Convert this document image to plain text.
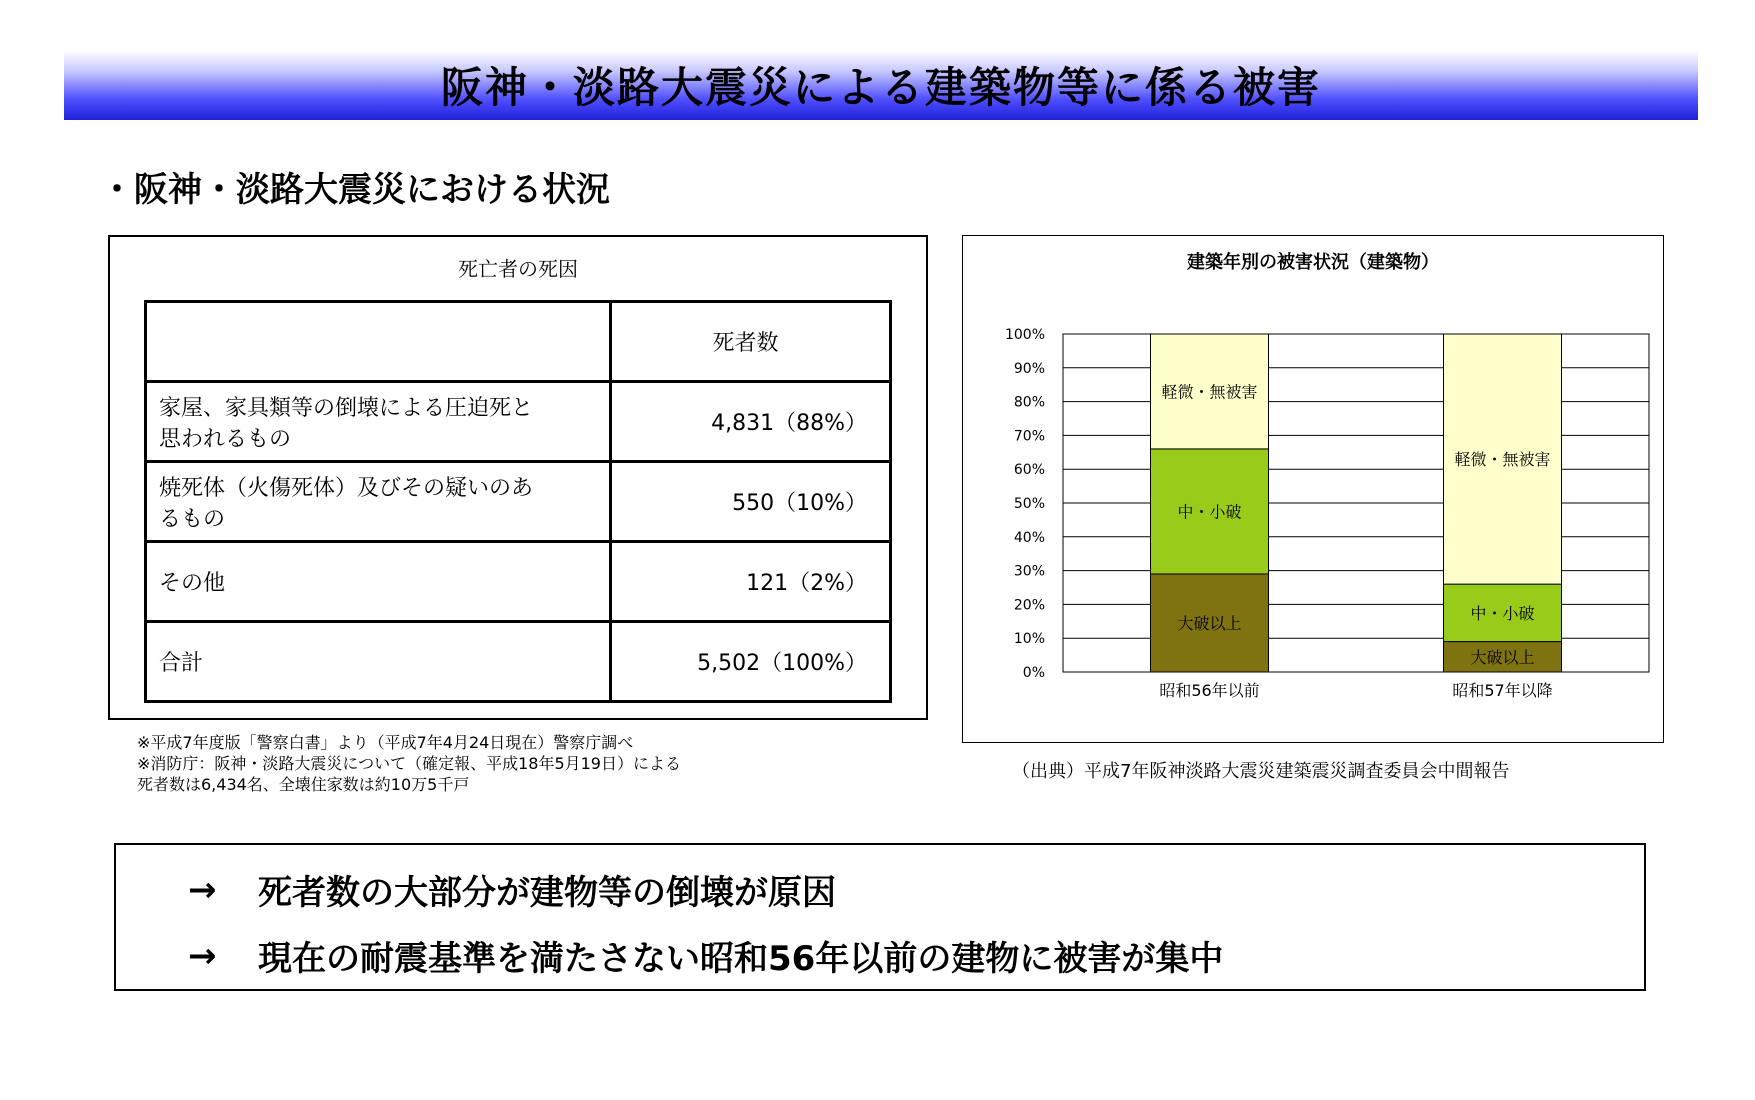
阪神・淡路大震災による建築物等に係る被害
・阪神・淡路大震災における状況
死亡者の死因
	死者数

家屋、家具類等の倒壊による圧迫死と
思われるもの	4,831（88%）

焼死体（火傷死体）及びその疑いのあ
るもの	550（10%）

その他	121（2%）

合計	5,502（100%）
※平成7年度版「警察白書」より（平成7年4月24日現在）警察庁調べ
※消防庁：阪神・淡路大震災について（確定報、平成18年5月19日）による
死者数は6,434名、全壊住家数は約10万5千戸
建築年別の被害状況（建築物）
0%
10%
20%
30%
40%
50%
60%
70%
80%
90%
100%
大破以上
中・小破
軽微・無被害
昭和56年以前
大破以上
中・小破
軽微・無被害
昭和57年以降
（出典）平成7年阪神淡路大震災建築震災調査委員会中間報告
→	死者数の大部分が建物等の倒壊が原因
→	現在の耐震基準を満たさない昭和56年以前の建物に被害が集中
